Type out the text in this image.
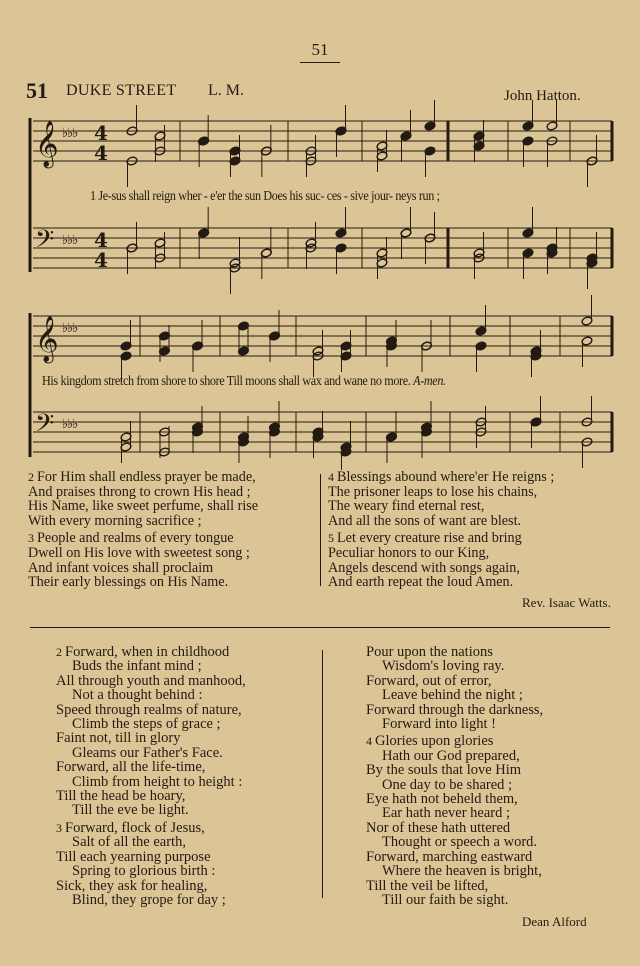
51
51 DUKE STREET L. M.	John Hatton.
𝄞 ♭♭♭ 4
4
𝄢 ♭♭♭ 4
4
𝄞 ♭♭♭
𝄢 ♭♭♭
1 Je-sus shall reign wher - e'er the sun Does his suc- ces - sive jour- neys run ;
His kingdom stretch from shore to shore Till moons shall wax and wane no more. A-men.
2 For Him shall endless prayer be made,
And praises throng to crown His head ;
His Name, like sweet perfume, shall rise
With every morning sacrifice ;
3 People and realms of every tongue
Dwell on His love with sweetest song ;
And infant voices shall proclaim
Their early blessings on His Name.
4 Blessings abound where'er He reigns ;
The prisoner leaps to lose his chains,
The weary find eternal rest,
And all the sons of want are blest.
5 Let every creature rise and bring
Peculiar honors to our King,
Angels descend with songs again,
And earth repeat the loud Amen.
Rev. Isaac Watts.
2 Forward, when in childhood
Buds the infant mind ;
All through youth and manhood,
Not a thought behind :
Speed through realms of nature,
Climb the steps of grace ;
Faint not, till in glory
Gleams our Father's Face.
Forward, all the life-time,
Climb from height to height :
Till the head be hoary,
Till the eve be light.
3 Forward, flock of Jesus,
Salt of all the earth,
Till each yearning purpose
Spring to glorious birth :
Sick, they ask for healing,
Blind, they grope for day ;
Pour upon the nations
Wisdom's loving ray.
Forward, out of error,
Leave behind the night ;
Forward through the darkness,
Forward into light !
4 Glories upon glories
Hath our God prepared,
By the souls that love Him
One day to be shared ;
Eye hath not beheld them,
Ear hath never heard ;
Nor of these hath uttered
Thought or speech a word.
Forward, marching eastward
Where the heaven is bright,
Till the veil be lifted,
Till our faith be sight.
Dean Alford
